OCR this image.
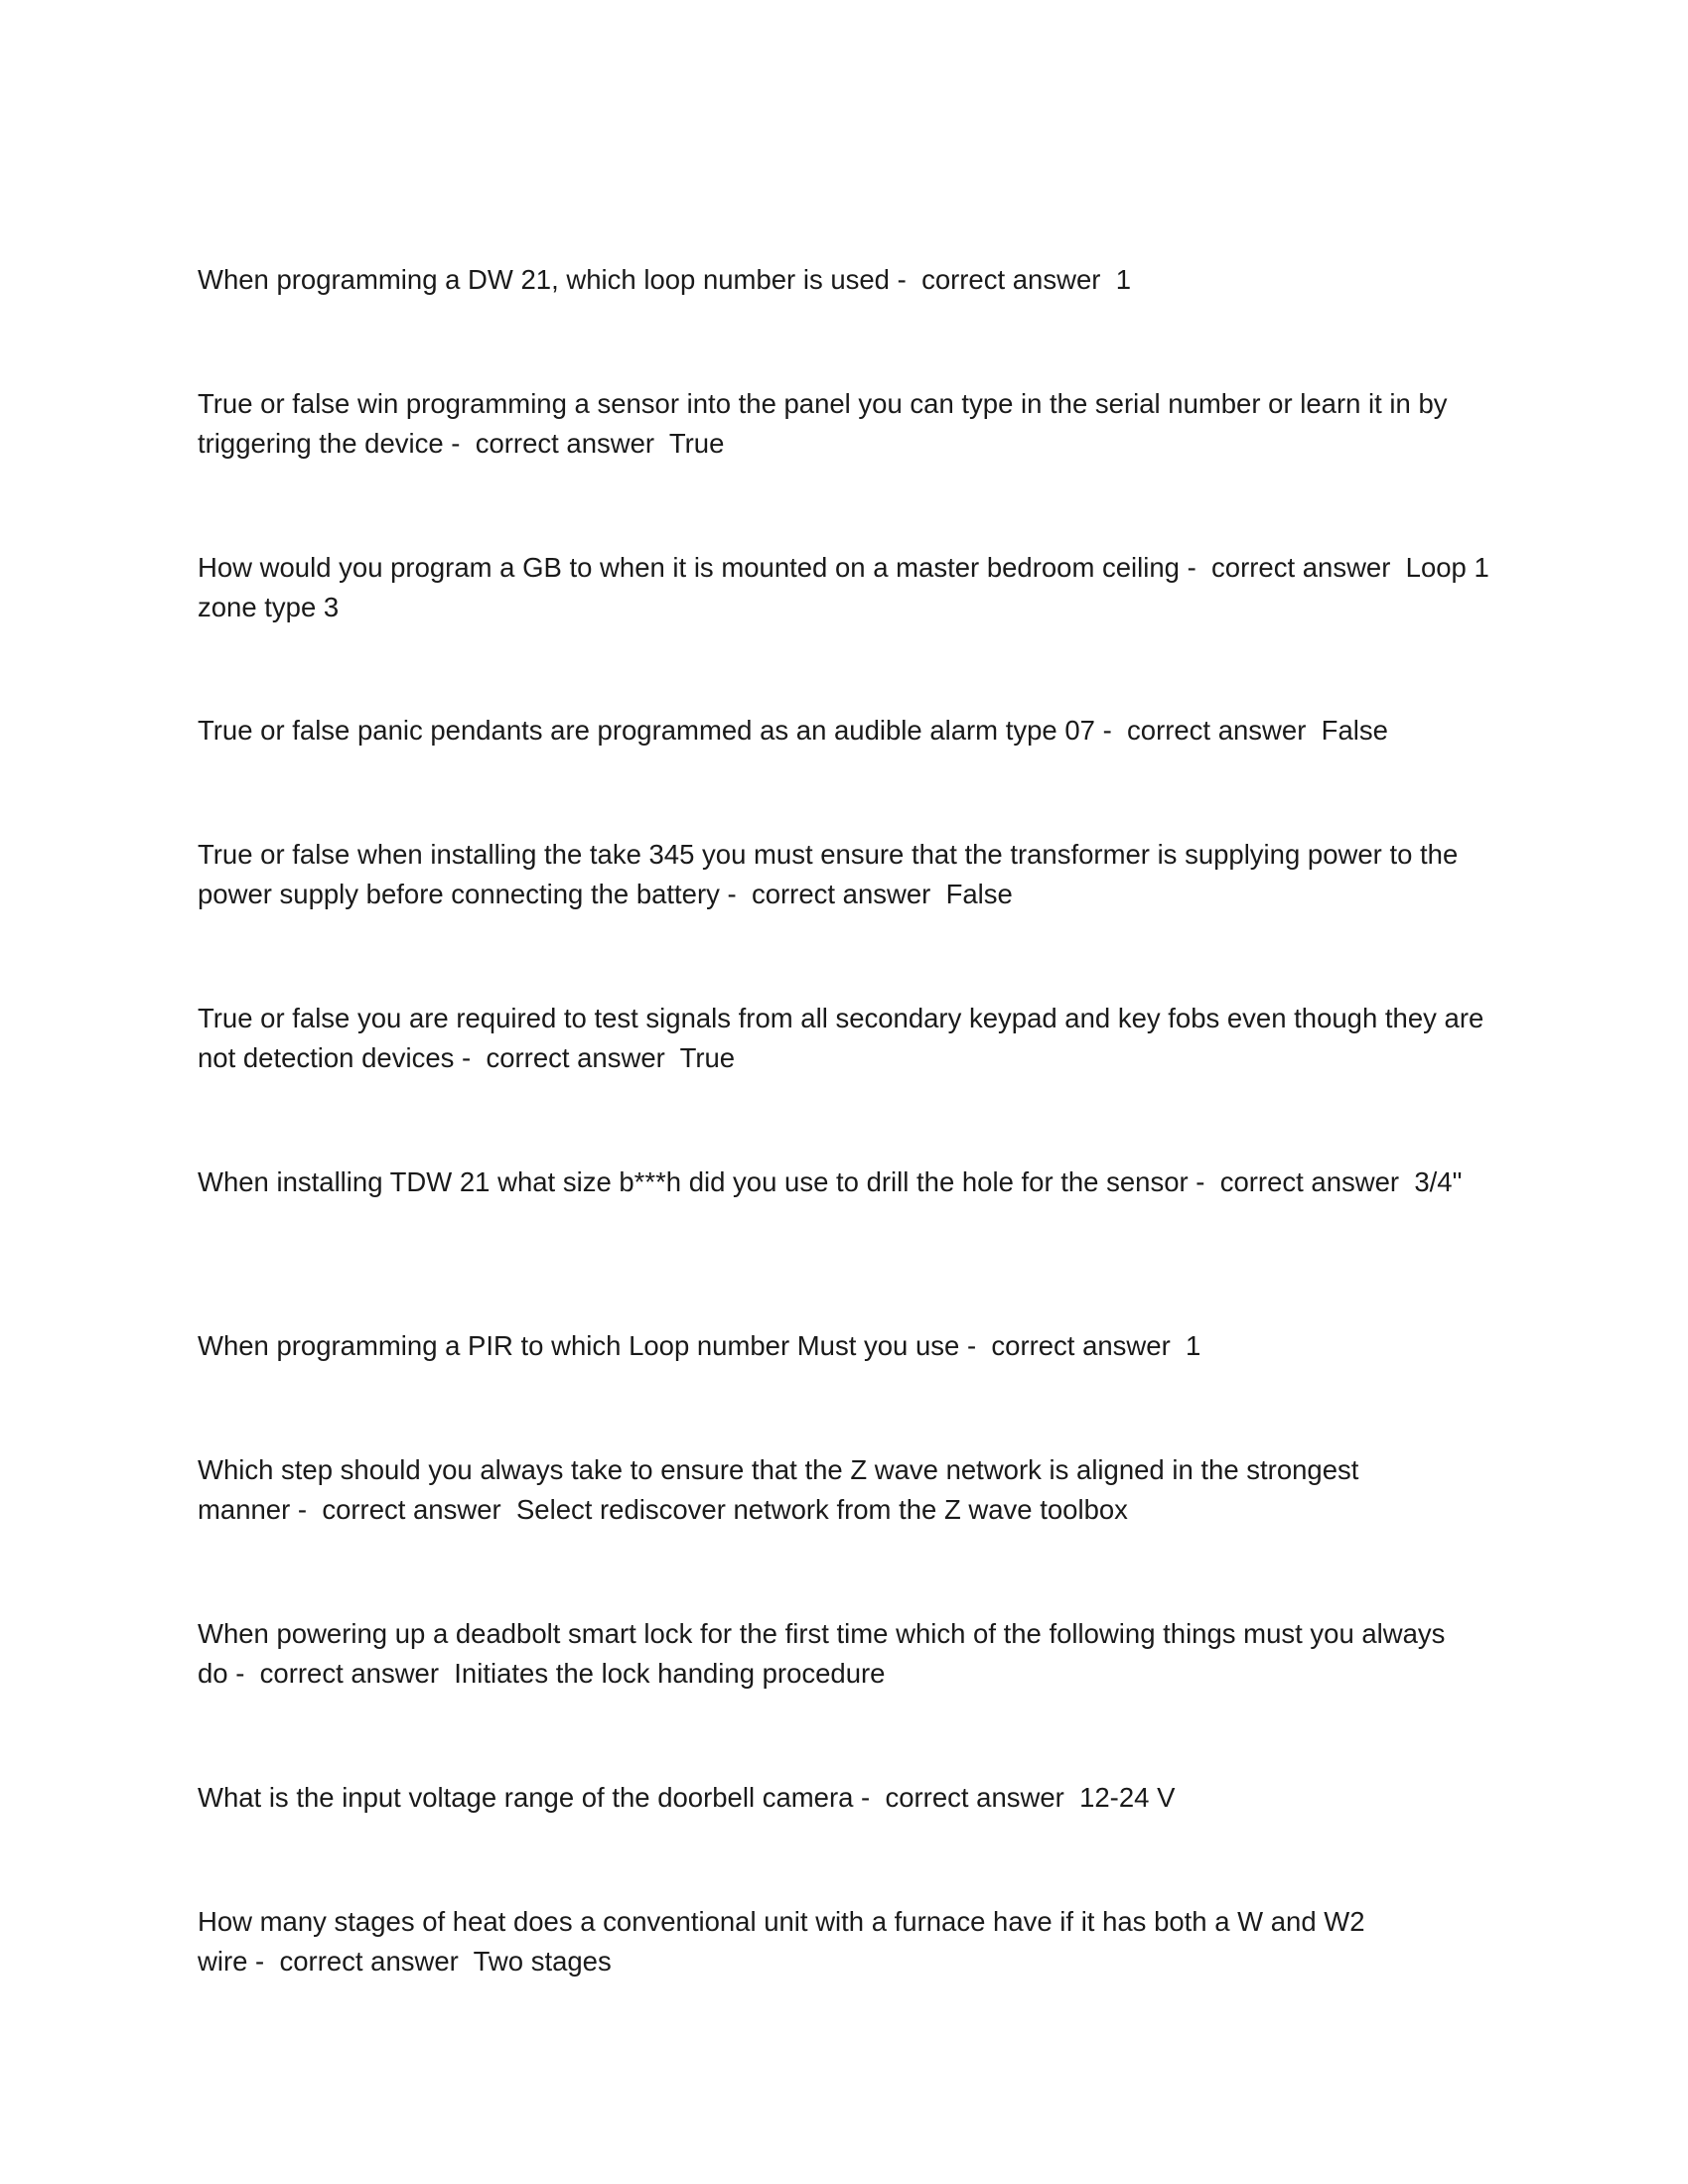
When programming a DW 21, which loop number is used -  correct answer  1

True or false win programming a sensor into the panel you can type in the serial number or learn it in by triggering the device -  correct answer  True

How would you program a GB to when it is mounted on a master bedroom ceiling -  correct answer  Loop 1 zone type 3

True or false panic pendants are programmed as an audible alarm type 07 -  correct answer  False

True or false when installing the take 345 you must ensure that the transformer is supplying power to the power supply before connecting the battery -  correct answer  False

True or false you are required to test signals from all secondary keypad and key fobs even though they are not detection devices -  correct answer  True

When installing TDW 21 what size b***h did you use to drill the hole for the sensor -  correct answer  3/4"

When programming a PIR to which Loop number Must you use -  correct answer  1

Which step should you always take to ensure that the Z wave network is aligned in the strongest manner -  correct answer  Select rediscover network from the Z wave toolbox

When powering up a deadbolt smart lock for the first time which of the following things must you always do -  correct answer  Initiates the lock handing procedure

What is the input voltage range of the doorbell camera -  correct answer  12-24 V

How many stages of heat does a conventional unit with a furnace have if it has both a W and W2 wire -  correct answer  Two stages
